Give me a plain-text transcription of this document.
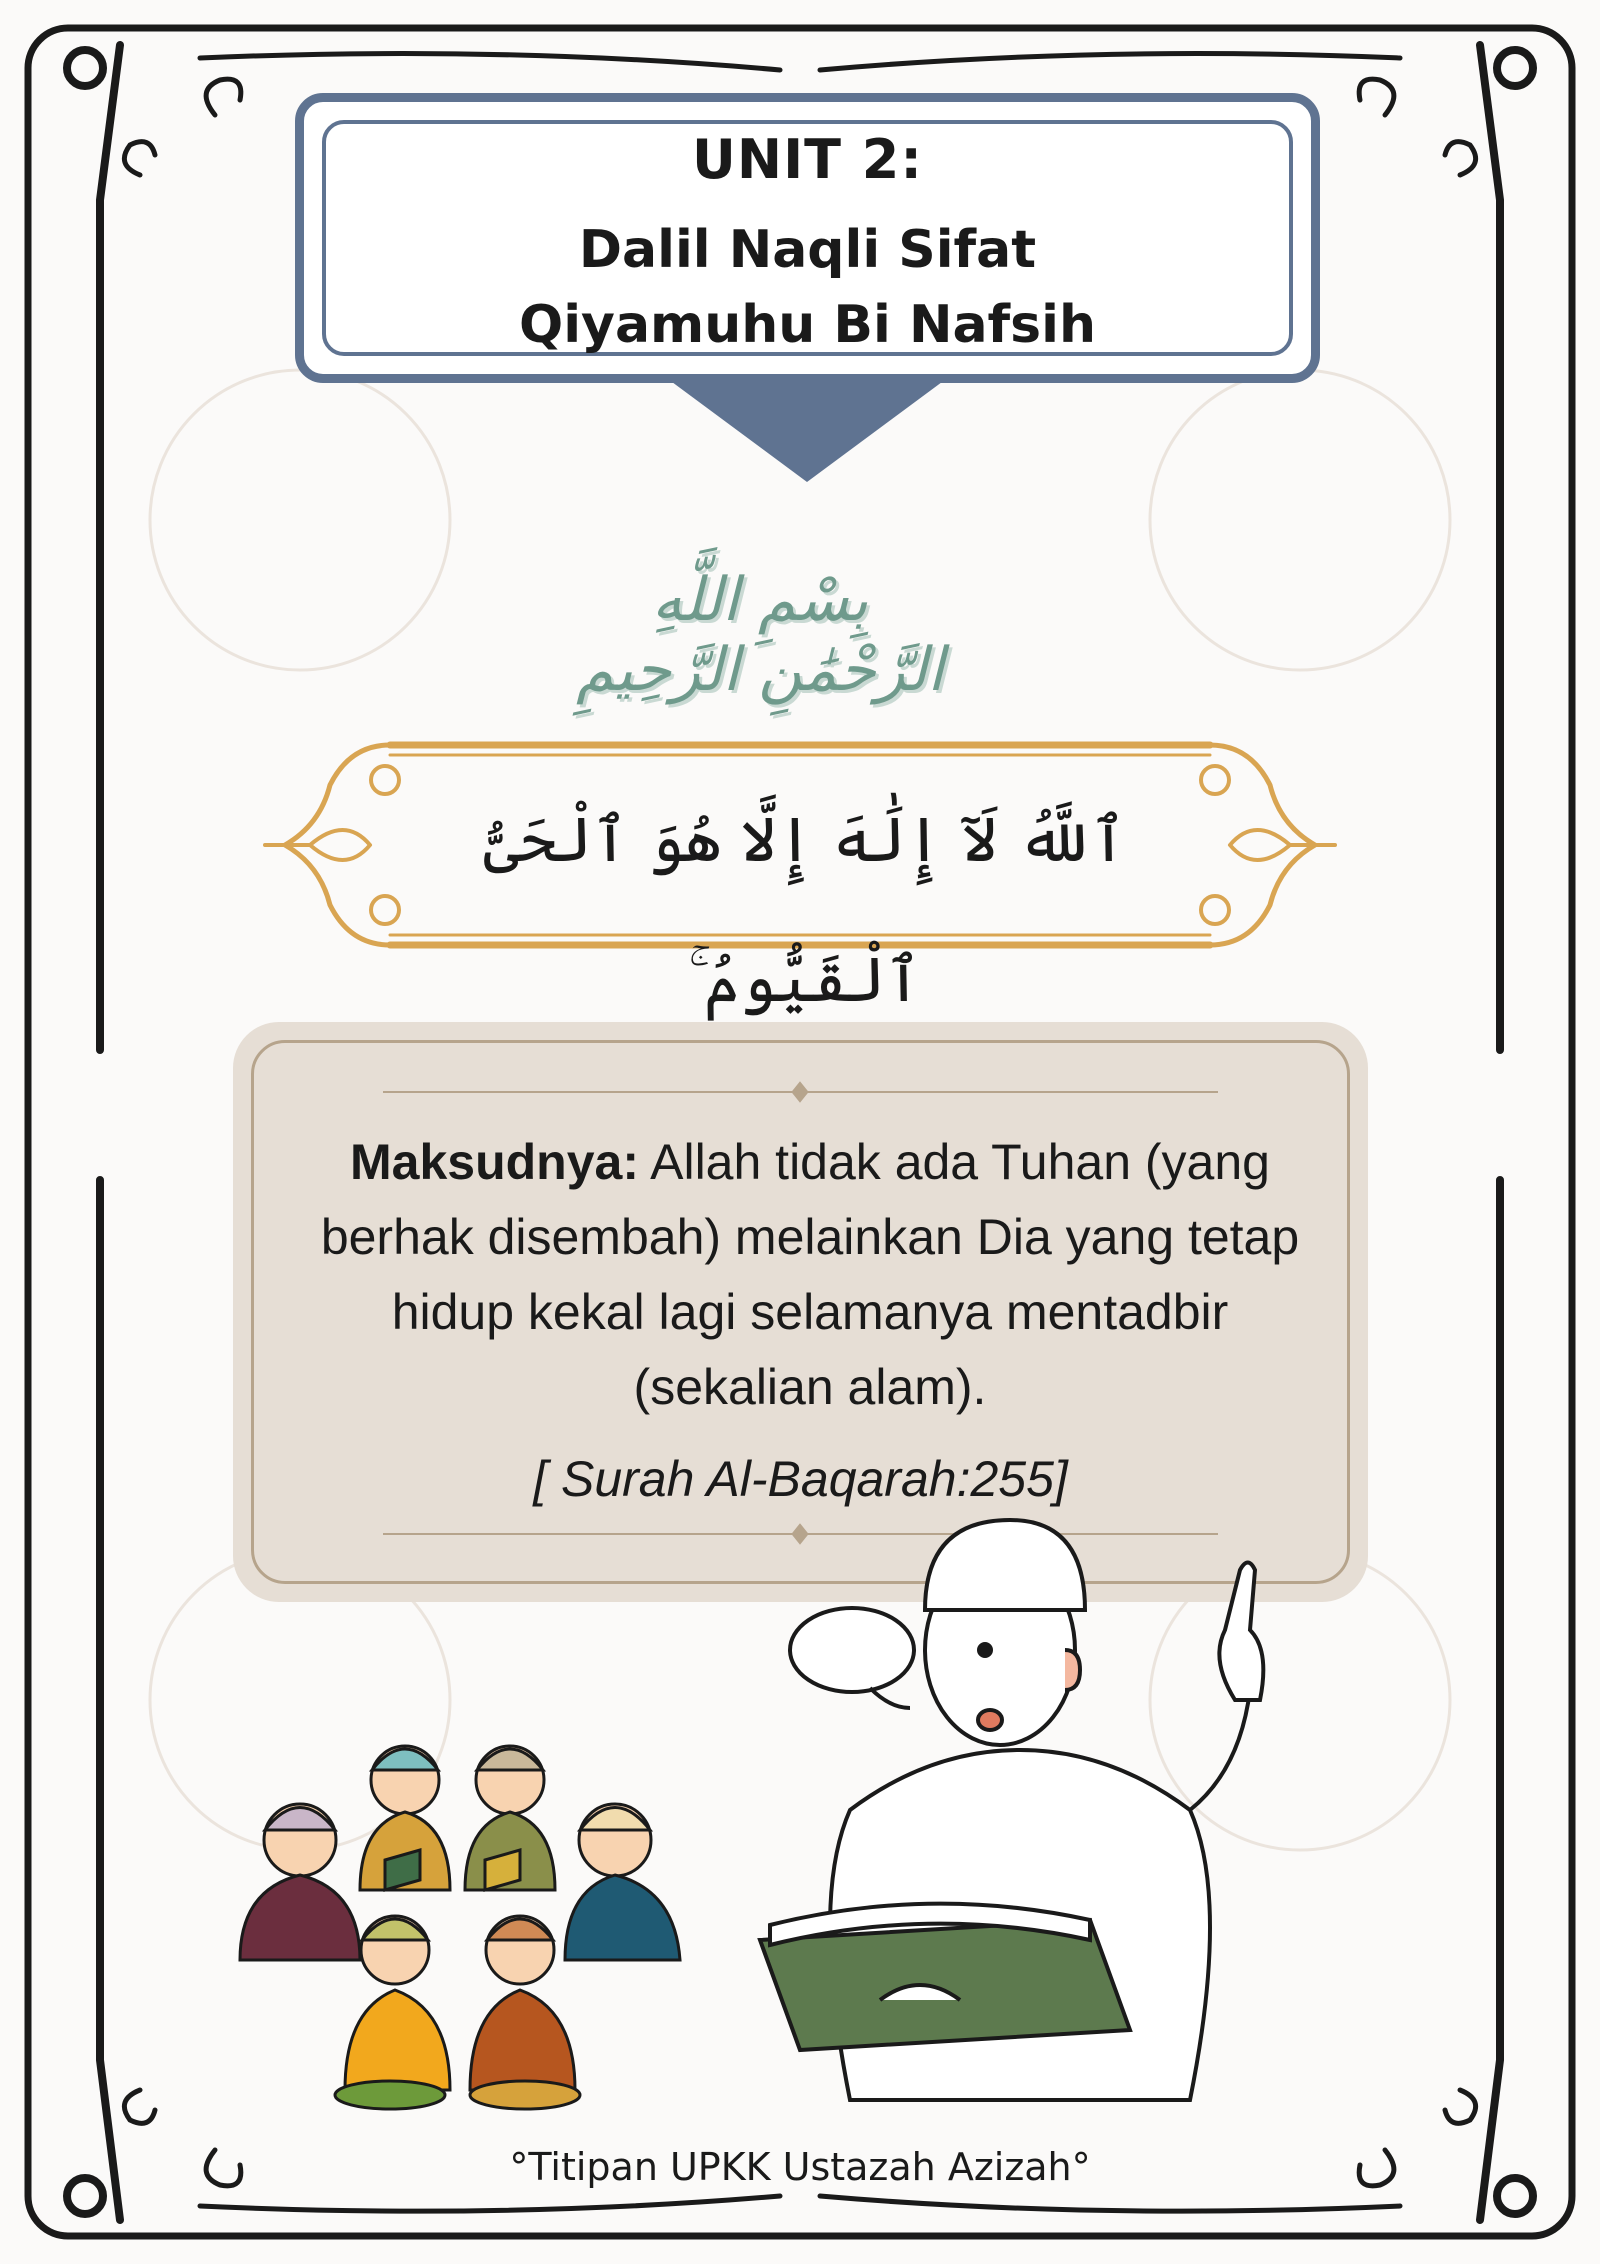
UNIT 2:
Dalil Naqli Sifat
Qiyamuhu Bi Nafsih
بِسْمِ اللَّهِ الرَّحْمَٰنِ الرَّحِيمِ
ٱللَّهُ لَآ إِلَٰهَ إِلَّا هُوَ ٱلْحَىُّ ٱلْقَيُّومُ ۚ
Maksudnya: Allah tidak ada Tuhan (yang berhak disembah) melainkan Dia yang tetap hidup kekal lagi selamanya mentadbir (sekalian alam).
[ Surah Al-Baqarah:255]
°Titipan UPKK Ustazah Azizah°
